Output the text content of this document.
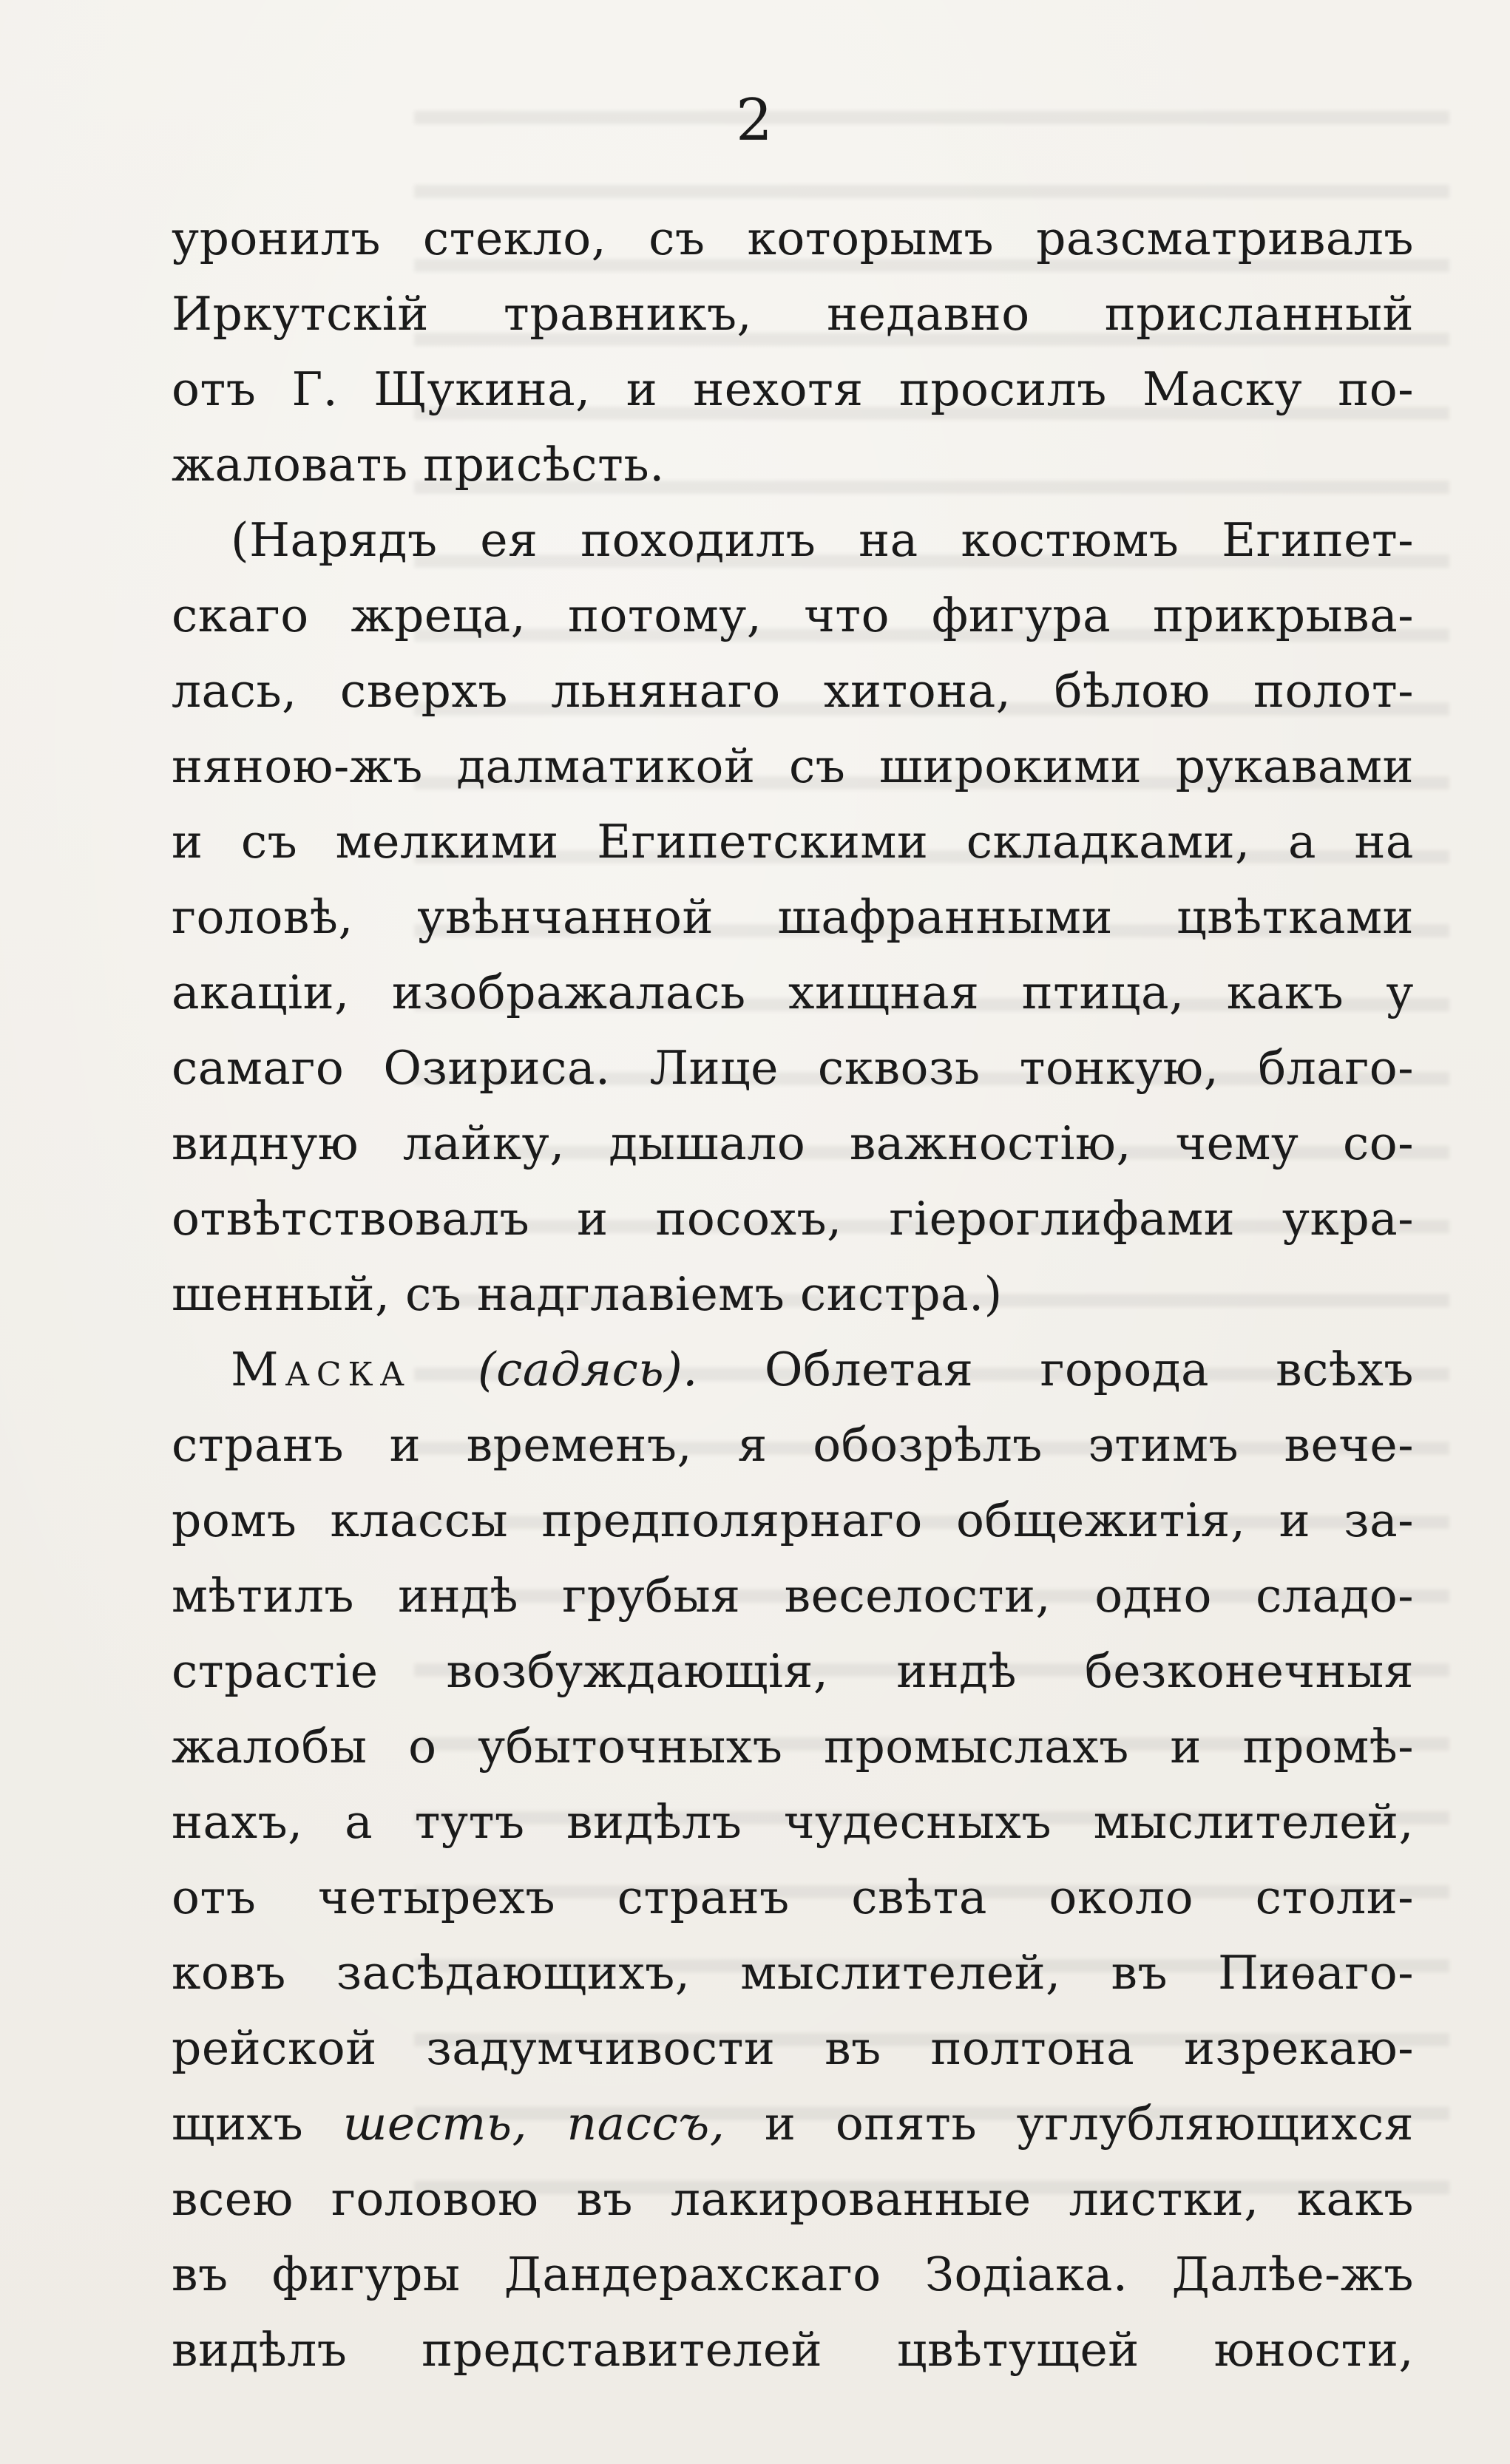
2
уронилъ стекло, съ которымъ разсматривалъ
Иркутскій травникъ, недавно присланный
отъ Г. Щукина, и нехотя просилъ Маску по-
жаловать присѣсть.
(Нарядъ ея походилъ на костюмъ Египет-
скаго жреца, потому, что фигура прикрыва-
лась, сверхъ льнянаго хитона, бѣлою полот-
няною-жъ далматикой съ широкими рукавами
и съ мелкими Египетскими складками, а на
головѣ, увѣнчанной шафранными цвѣтками
акаціи, изображалась хищная птица, какъ у
самаго Озириса. Лице сквозь тонкую, благо-
видную лайку, дышало важностію, чему со-
отвѣтствовалъ и посохъ, гіероглифами укра-
шенный, съ надглавіемъ систра.)
Маска (садясь). Облетая города всѣхъ
странъ и временъ, я обозрѣлъ этимъ вече-
ромъ классы предполярнаго общежитія, и за-
мѣтилъ индѣ грубыя веселости, одно сладо-
страстіе возбуждающія, индѣ безконечныя
жалобы о убыточныхъ промыслахъ и промѣ-
нахъ, а тутъ видѣлъ чудесныхъ мыслителей,
отъ четырехъ странъ свѣта около столи-
ковъ засѣдающихъ, мыслителей, въ Пиѳаго-
рейской задумчивости въ полтона изрекаю-
щихъ шесть, пассъ, и опять углубляющихся
всею головою въ лакированные листки, какъ
въ фигуры Дандерахскаго Зодіака. Далѣе-жъ
видѣлъ представителей цвѣтущей юности,
